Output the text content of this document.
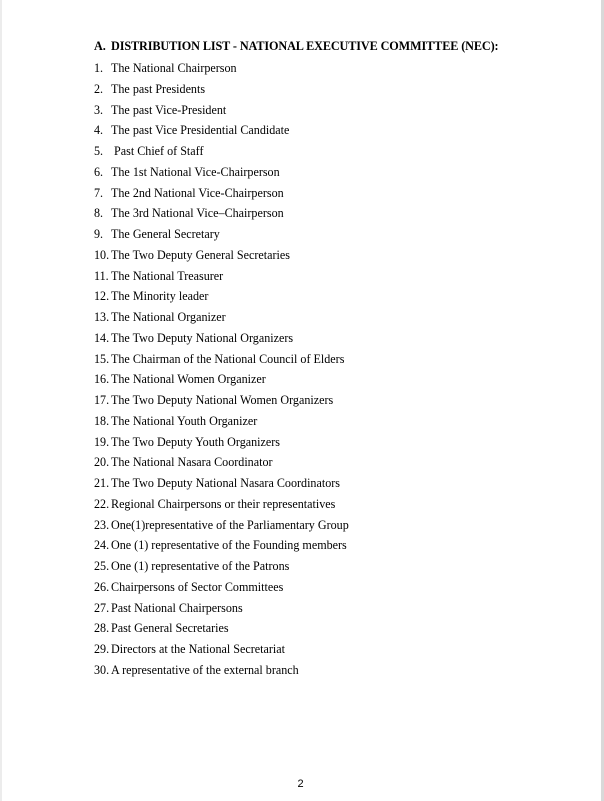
A. DISTRIBUTION LIST - NATIONAL EXECUTIVE COMMITTEE (NEC):
1. The National Chairperson
2. The past Presidents
3. The past Vice-President
4. The past Vice Presidential Candidate
5. Past Chief of Staff
6. The 1st National Vice-Chairperson
7. The 2nd National Vice-Chairperson
8. The 3rd National Vice–Chairperson
9. The General Secretary
10. The Two Deputy General Secretaries
11. The National Treasurer
12. The Minority leader
13. The National Organizer
14. The Two Deputy National Organizers
15. The Chairman of the National Council of Elders
16. The National Women Organizer
17. The Two Deputy National Women Organizers
18. The National Youth Organizer
19. The Two Deputy Youth Organizers
20. The National Nasara Coordinator
21. The Two Deputy National Nasara Coordinators
22. Regional Chairpersons or their representatives
23. One(1)representative of the Parliamentary Group
24. One (1) representative of the Founding members
25. One (1) representative of the Patrons
26. Chairpersons of Sector Committees
27. Past National Chairpersons
28. Past General Secretaries
29. Directors at the National Secretariat
30. A representative of the external branch
2
